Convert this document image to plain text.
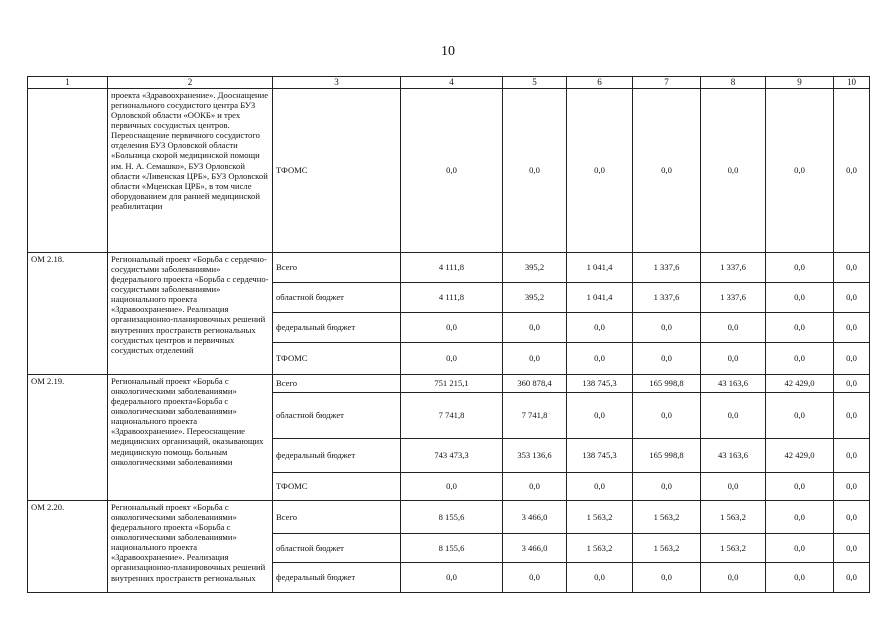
10
1	2	3	4	5	6	7	8	9	10
	проекта «Здравоохранение». Дооснащение регионального сосудистого центра БУЗ Орловской области «ООКБ» и трех первичных сосудистых центров. Переоснащение первичного сосудистого отделения БУЗ Орловской области «Больница скорой медицинской помощи им. Н. А. Семашко», БУЗ Орловской области «Ливенская ЦРБ», БУЗ Орловской области «Мценская ЦРБ», в том числе оборудованием для ранней медицинской реабилитации	ТФОМС	0,0	0,0	0,0	0,0	0,0	0,0	0,0
ОМ 2.18.	Региональный проект «Борьба с сердечно-сосудистыми заболеваниями» федерального проекта «Борьба с сердечно-сосудистыми заболеваниями» национального проекта «Здравоохранение». Реализация организационно-планировочных решений внутренних пространств региональных сосудистых центров и первичных сосудистых отделений	Всего	4 111,8	395,2	1 041,4	1 337,6	1 337,6	0,0	0,0
		областной бюджет	4 111,8	395,2	1 041,4	1 337,6	1 337,6	0,0	0,0
		федеральный бюджет	0,0	0,0	0,0	0,0	0,0	0,0	0,0
		ТФОМС	0,0	0,0	0,0	0,0	0,0	0,0	0,0
ОМ 2.19.	Региональный проект «Борьба с онкологическими заболеваниями» федерального проекта«Борьба с онкологическими заболеваниями» национального проекта «Здравоохранение». Переоснащение медицинских организаций, оказывающих медицинскую помощь больным онкологическими заболеваниями	Всего	751 215,1	360 878,4	138 745,3	165 998,8	43 163,6	42 429,0	0,0
		областной бюджет	7 741,8	7 741,8	0,0	0,0	0,0	0,0	0,0
		федеральный бюджет	743 473,3	353 136,6	138 745,3	165 998,8	43 163,6	42 429,0	0,0
		ТФОМС	0,0	0,0	0,0	0,0	0,0	0,0	0,0
ОМ 2.20.	Региональный проект «Борьба с онкологическими заболеваниями» федерального проекта «Борьба с онкологическими заболеваниями» национального проекта «Здравоохранение». Реализация организационно-планировочных решений внутренних пространств региональных	Всего	8 155,6	3 466,0	1 563,2	1 563,2	1 563,2	0,0	0,0
		областной бюджет	8 155,6	3 466,0	1 563,2	1 563,2	1 563,2	0,0	0,0
		федеральный бюджет	0,0	0,0	0,0	0,0	0,0	0,0	0,0
